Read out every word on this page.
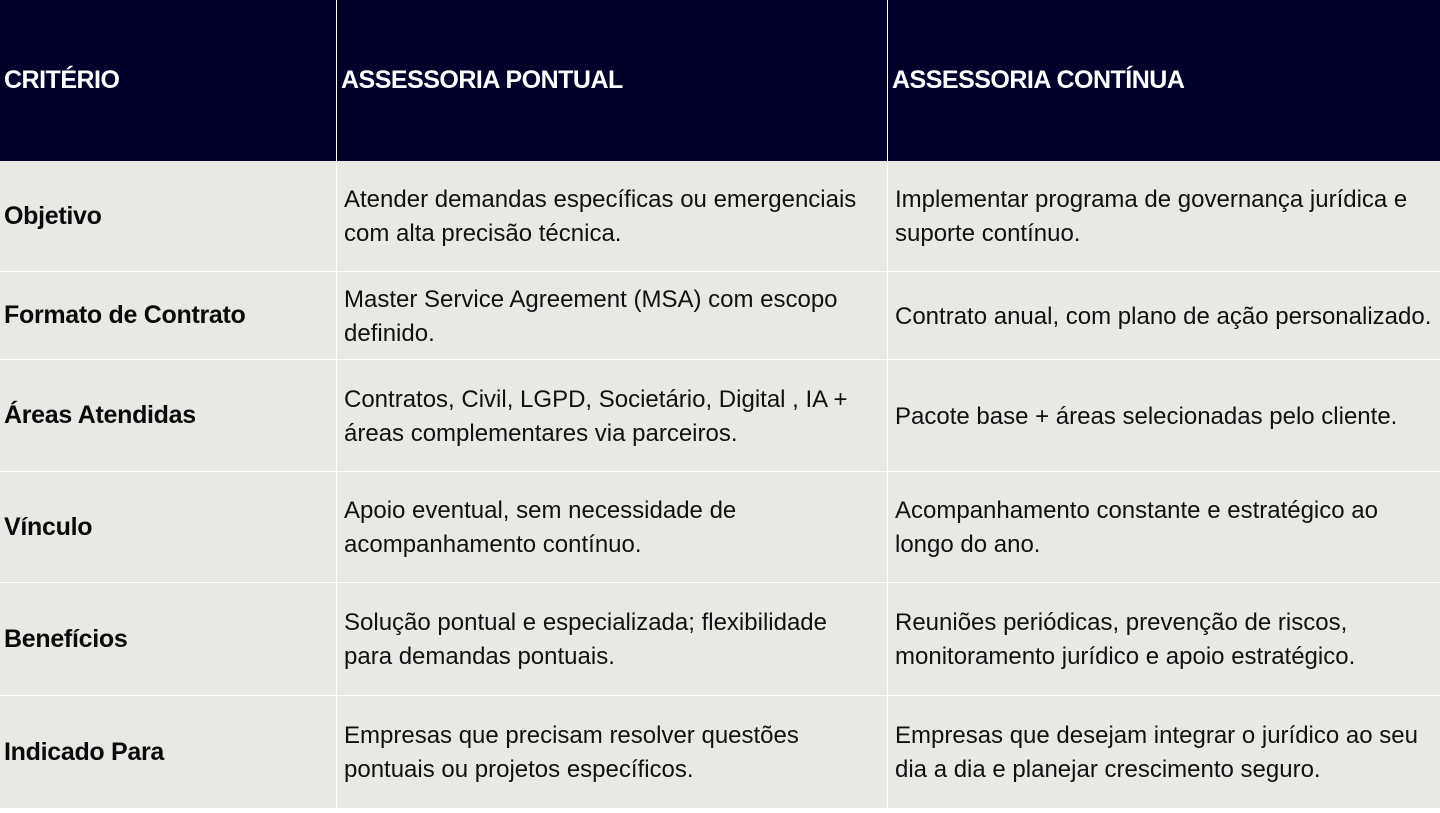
CRITÉRIO	ASSESSORIA PONTUAL	ASSESSORIA CONTÍNUA
Objetivo
Atender demandas específicas ou emergenciais com alta precisão técnica.
Implementar programa de governança jurídica e suporte contínuo.
Formato de Contrato
Master Service Agreement (MSA) com escopo definido.
Contrato anual, com plano de ação personalizado.
Áreas Atendidas
Contratos, Civil, LGPD, Societário, Digital , IA + áreas complementares via parceiros.
Pacote base + áreas selecionadas pelo cliente.
Vínculo
Apoio eventual, sem necessidade de acompanhamento contínuo.
Acompanhamento constante e estratégico ao longo do ano.
Benefícios
Solução pontual e especializada; flexibilidade para demandas pontuais.
Reuniões periódicas, prevenção de riscos, monitoramento jurídico e apoio estratégico.
Indicado Para
Empresas que precisam resolver questões pontuais ou projetos específicos.
Empresas que desejam integrar o jurídico ao seu dia a dia e planejar crescimento seguro.
